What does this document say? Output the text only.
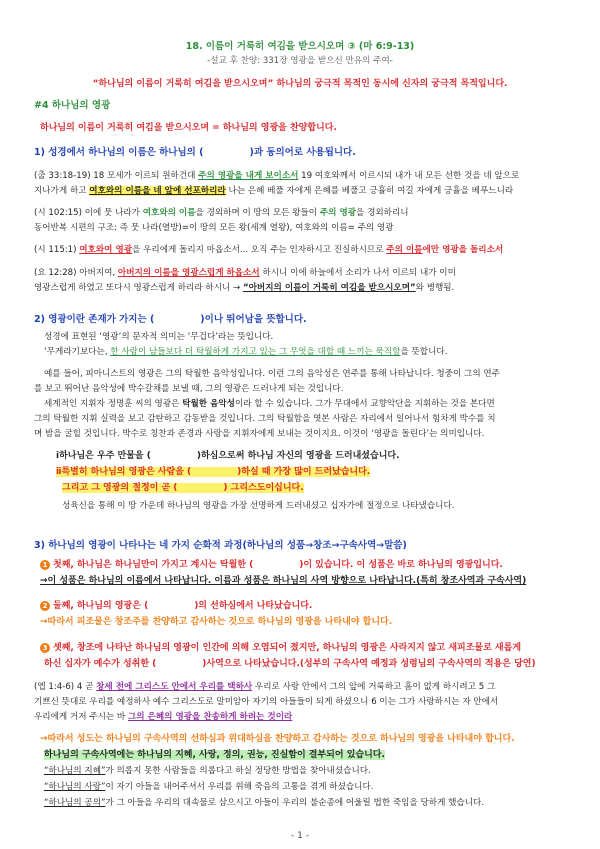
18. 이름이 거룩히 여김을 받으시오며 ③ (마 6:9-13)
-설교 후 찬양: 331장 영광을 받으신 만유의 주여-
“하나님의 이름이 거룩히 여김을 받으시오며” 하나님의 궁극적 목적인 동시에 신자의 궁극적 목적입니다.
#4 하나님의 영광
하나님의 이름이 거룩히 여김을 받으시오며 = 하나님의 영광을 찬양합니다.
1) 성경에서 하나님의 이름은 하나님의 (	)과 동의어로 사용됩니다.
(출 33:18-19) 18 모세가 이르되 원하건대 주의 영광을 내게 보이소서 19 여호와께서 이르시되 내가 내 모든 선한 것을 네 앞으로
지나가게 하고 여호와의 이름을 네 앞에 선포하리라 나는 은혜 베풀 자에게 은혜를 베풀고 긍휼히 여길 자에게 긍휼을 베푸느니라
(시 102:15) 이에 뭇 나라가 여호와의 이름을 경외하며 이 땅의 모든 왕들이 주의 영광을 경외하리니
동어반복 시편의 구조: 즉 뭇 나라(열방)=이 땅의 모든 왕(세계 열왕), 여호와의 이름= 주의 영광
(시 115:1) 여호와여 영광을 우리에게 돌리지 마옵소서... 오직 주는 인자하시고 진실하시므로 주의 이름에만 영광을 돌리소서
(요 12:28) 아버지여, 아버지의 이름을 영광스럽게 하옵소서 하시니 이에 하늘에서 소리가 나서 이르되 내가 이미
영광스럽게 하였고 또다시 영광스럽게 하리라 하시니 → “아버지의 이름이 거룩히 여김을 받으시오며”와 병행됨.
2) 영광이란 존재가 가지는 (	)이나 뛰어남을 뜻합니다.
성경에 표현된 ‘영광’의 문자적 의미는 ‘무겁다’라는 뜻입니다.
‘무게라기보다는, 한 사람이 남들보다 더 탁월하게 가지고 있는 그 무엇을 대할 때 느끼는 묵직함을 뜻합니다.
예를 들어, 피아니스트의 영광은 그의 탁월한 음악성입니다. 이런 그의 음악성은 연주를 통해 나타납니다. 청중이 그의 연주
를 보고 뛰어난 음악성에 박수갈채를 보낼 때, 그의 영광은 드러나게 되는 것입니다.
세계적인 지휘자 정명훈 씨의 영광은 탁월한 음악성이라 할 수 있습니다. 그가 무대에서 교향악단을 지휘하는 것을 본다면
그의 탁월한 지휘 실력을 보고 감탄하고 감동받을 것입니다. 그의 탁월함을 엿본 사람은 자리에서 일어나서 힘차게 박수를 치
며 밤을 굴힐 것입니다. 박수로 칭찬과 존경과 사랑을 지휘자에게 보내는 것이지요. 이것이 ‘영광을 돌린다’는 의미입니다.
ⅰ하나님은 우주 만물을 (	)하심으로써 하나님 자신의 영광을 드러내셨습니다.
ⅱ특별히 하나님의 영광은 사람을 (	)하실 때 가장 많이 드러났습니다.
그리고 그 영광의 절정이 곧 (	) 그리스도이십니다.
성육신을 통해 이 땅 가운데 하나님의 영광을 가장 선명하게 드러내셨고 십자가에 절정으로 나타냈습니다.
3) 하나님의 영광이 나타나는 네 가지 순화적 과정(하나님의 성품→창조→구속사역→말씀)
1 첫째, 하나님은 하나님만이 가지고 계시는 탁월한 (	)이 있습니다. 이 성품은 바로 하나님의 영광입니다.
→이 성품은 하나님의 이름에서 나타납니다. 이름과 성품은 하나님의 사역 방향으로 나타납니다.(특히 창조사역과 구속사역)
2 둘째, 하나님의 영광은 (	)의 선하심에서 나타났습니다.
→따라서 피조물은 창조주를 찬양하고 감사하는 것으로 하나님의 영광을 나타내야 합니다.
3 셋째, 창조에 나타난 하나님의 영광이 인간에 의해 오염되어 졌지만, 하나님의 영광은 사라지지 않고 새피조물로 새롭게
하신 십자가 예수가 성취한 (	)사역으로 나타났습니다.(성부의 구속사역 예정과 성령님의 구속사역의 적용은 당연)
(엡 1:4-6) 4 곧 창세 전에 그리스도 안에서 우리를 택하사 우리로 사랑 안에서 그의 앞에 거룩하고 흠이 없게 하시려고 5 그
기쁘신 뜻대로 우리를 예정하사 예수 그리스도로 말미암아 자기의 아들들이 되게 하셨으니 6 이는 그가 사랑하시는 자 안에서
우리에게 거저 주시는 바 그의 은혜의 영광을 찬송하게 하려는 것이라
→따라서 성도는 하나님의 구속사역의 선하심과 위대하심을 찬양하고 감사하는 것으로 하나님의 영광을 나타내야 합니다.
하나님의 구속사역에는 하나님의 지혜, 사랑, 정의, 권능, 진실함이 결부되어 있습니다.
“하나님의 지혜”가 의롭지 못한 사람들을 의롭다고 하실 정당한 방법을 찾아내셨습니다.
“하나님의 사랑”이 자기 아들을 내어주셔서 우리를 위해 죽음의 고통을 겪게 하셨습니다.
“하나님의 공의”가 그 아들을 우리의 대속물로 삼으시고 아들이 우리의 불순종에 어울릴 법한 죽임을 당하게 했습니다.
- 1 -
